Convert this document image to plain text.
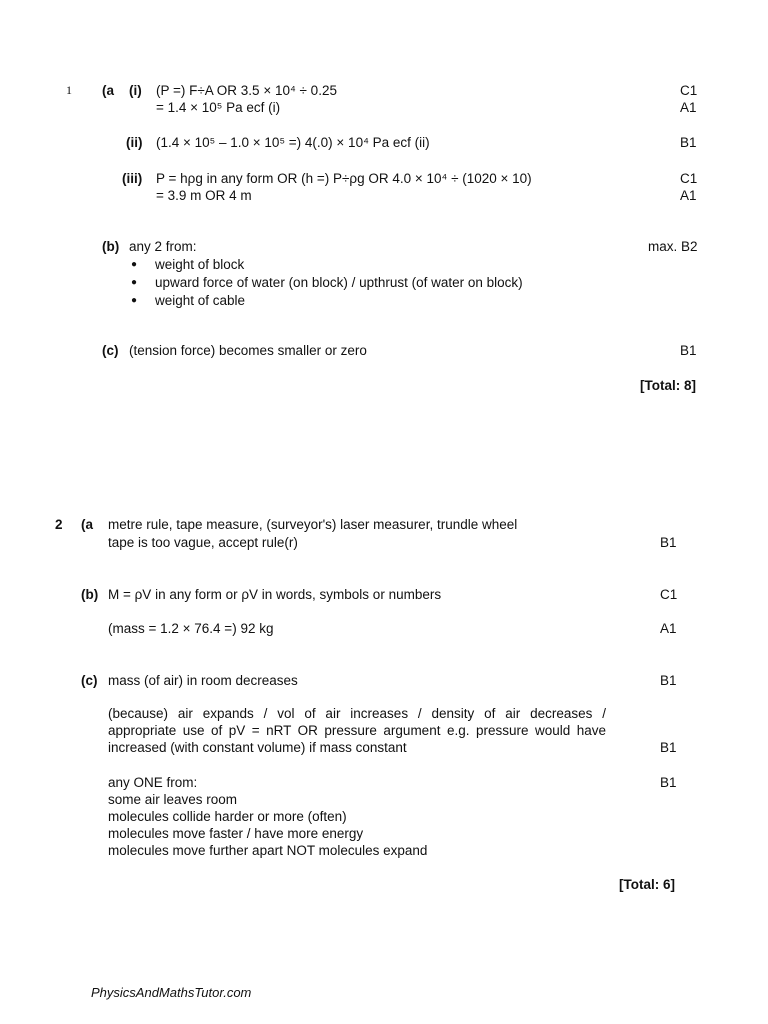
1 (a (i) (P =) F÷A OR 3.5 × 10⁴ ÷ 0.25	C1
= 1.4 × 10⁵ Pa ecf (i)	A1
(ii) (1.4 × 10⁵ – 1.0 × 10⁵ =) 4(.0) × 10⁴ Pa ecf (ii)	B1
(iii) P = hρg in any form OR (h =) P÷ρg OR 4.0 × 10⁴ ÷ (1020 × 10)	C1
= 3.9 m OR 4 m	A1
(b) any 2 from:	max. B2
● weight of block
● upward force of water (on block) / upthrust (of water on block)
● weight of cable
(c) (tension force) becomes smaller or zero	B1
[Total: 8]
2 (a metre rule, tape measure, (surveyor's) laser measurer, trundle wheel
tape is too vague, accept rule(r)	B1
(b) M = ρV in any form or ρV in words, symbols or numbers	C1
(mass = 1.2 × 76.4 =) 92 kg	A1
(c) mass (of air) in room decreases	B1
(because) air expands / vol of air increases / density of air decreases /
appropriate use of pV = nRT OR pressure argument e.g. pressure would have
increased (with constant volume) if mass constant	B1
any ONE from:	B1
some air leaves room
molecules collide harder or more (often)
molecules move faster / have more energy
molecules move further apart NOT molecules expand
[Total: 6]
PhysicsAndMathsTutor.com
